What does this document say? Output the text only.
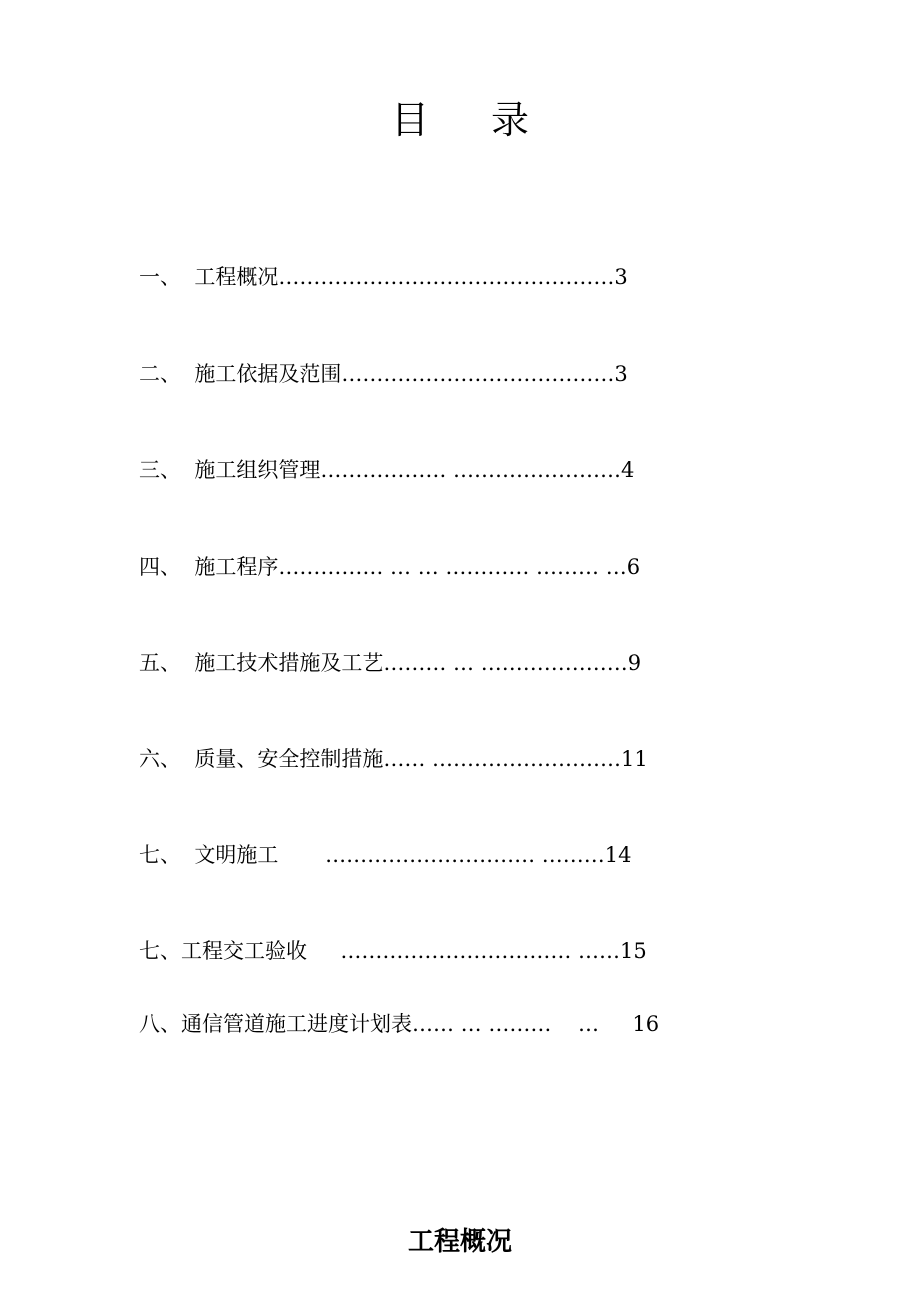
目 录
一、  工程概况…………………………………………3
二、  施工依据及范围…………………………………3
三、  施工组织管理……………… ……………………4
四、  施工程序…………… … … ………… ……… …6
五、  施工技术措施及工艺……… … …………………9
六、  质量、安全控制措施…… ………………………11
七、  文明施工       ………………………… ………14
七、工程交工验收     …………………………… ……15
八、通信管道施工进度计划表…… … ………    …     16
工程概况
